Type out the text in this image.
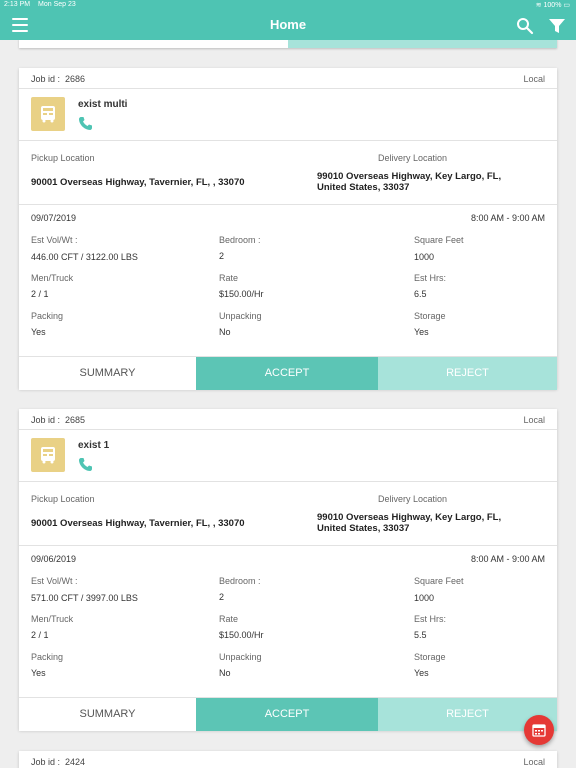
2:13 PM Mon Sep 23	≋ 100% ▭
Home
Job id : 2686	Local
exist multi
Pickup Location	Delivery Location
90001 Overseas Highway, Tavernier, FL, , 33070
99010 Overseas Highway, Key Largo, FL,
United States, 33037
09/07/2019	8:00 AM - 9:00 AM
Est Vol/Wt :
446.00 CFT / 3122.00 LBS
Bedroom :
2
Square Feet
1000
Men/Truck
2 / 1
Rate
$150.00/Hr
Est Hrs:
6.5
Packing
Yes
Unpacking
No
Storage
Yes
SUMMARY	ACCEPT	REJECT
Job id : 2685	Local
exist 1
Pickup Location	Delivery Location
90001 Overseas Highway, Tavernier, FL, , 33070
99010 Overseas Highway, Key Largo, FL,
United States, 33037
09/06/2019	8:00 AM - 9:00 AM
Est Vol/Wt :
571.00 CFT / 3997.00 LBS
Bedroom :
2
Square Feet
1000
Men/Truck
2 / 1
Rate
$150.00/Hr
Est Hrs:
5.5
Packing
Yes
Unpacking
No
Storage
Yes
SUMMARY	ACCEPT	REJECT
Job id : 2424	Local
